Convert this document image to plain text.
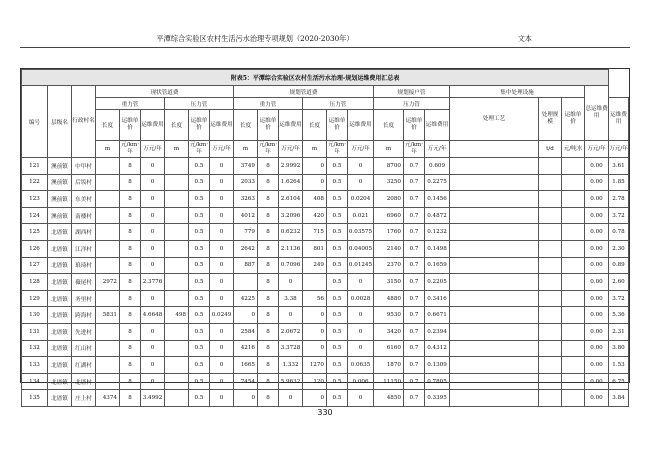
平潭综合实验区农村生活污水治理专项规划（2020-2030年）	文本
附表5：平潭综合实验区农村生活污水治理-规划运维费用汇总表																						
编号	层级名	行政村名	现状管道费						规划管道费						规划接户管			集中处理设施			总运维费用	
			重力管			压力管			重力管			压力管			压力管			处理工艺	处理规模	运维单价		运维费用
			长度	运维单价	运维费用	长度	运维单价	运维费用	长度	运维单价	运维费用	长度	运维单价	运维费用	长度	运维单价	运维费用					
			m	元/km·年	万元/年	m	元/km·年	万元/年	m	元/km·年	万元/年	m	元/km·年	万元/年	m	元/km·年	万元/年		t/d	元/吨水	万元/年	万元/年
121	澳前镇	中甲村		8	0		0.5	0	3749	8	2.9992	0	0.5	0	8700	0.7	0.609				0.00	3.61
122	澳前镇	后坂村		8	0		0.5	0	2033	8	1.6264	0	0.5	0	3250	0.7	0.2275				0.00	1.85
123	澳前镇	东美村		8	0		0.5	0	3263	8	2.6104	408	0.5	0.0204	2080	0.7	0.1456				0.00	2.78
124	澳前镇	南楼村		8	0		0.5	0	4012	8	3.2096	420	0.5	0.021	6960	0.7	0.4872				0.00	3.72
125	北厝镇	湖西村		8	0		0.5	0	779	8	0.6232	715	0.5	0.03575	1760	0.7	0.1232				0.00	0.78
126	北厝镇	江洋村		8	0		0.5	0	2642	8	2.1136	801	0.5	0.04005	2140	0.7	0.1498				0.00	2.30
127	北厝镇	琅琦村		8	0		0.5	0	887	8	0.7096	249	0.5	0.01245	2370	0.7	0.1659				0.00	0.89
128	北厝镇	薇尾村	2972	8	2.3776		0.5	0		8	0		0.5	0	3150	0.7	0.2205				0.00	2.60
129	北厝镇	务里村		8	0		0.5	0	4225	8	3.38	56	0.5	0.0028	4880	0.7	0.3416				0.00	3.72
130	北厝镇	跨海村	5831	8	4.6648	498	0.5	0.0249	0	8	0	0	0.5	0	9530	0.7	0.6671				0.00	5.36
131	北厝镇	先进村		8	0		0.5	0	2584	8	2.0672	0	0.5	0	3420	0.7	0.2394				0.00	2.31
132	北厝镇	红山村		8	0		0.5	0	4216	8	3.3728	0	0.5	0	6160	0.7	0.4312				0.00	3.80
133	北厝镇	红湖村		8	0		0.5	0	1665	8	1.332	1270	0.5	0.0635	1870	0.7	0.1309				0.00	1.53
134	北厝镇	北厝村		8	0		0.5	0	7454	8	5.9632	120	0.5	0.006	11150	0.7	0.7805				0.00	6.75
135	北厝镇	庄上村	4374	8	3.4992		0.5	0	0	8	0	0	0.5	0	4850	0.7	0.3395				0.00	3.84
330
